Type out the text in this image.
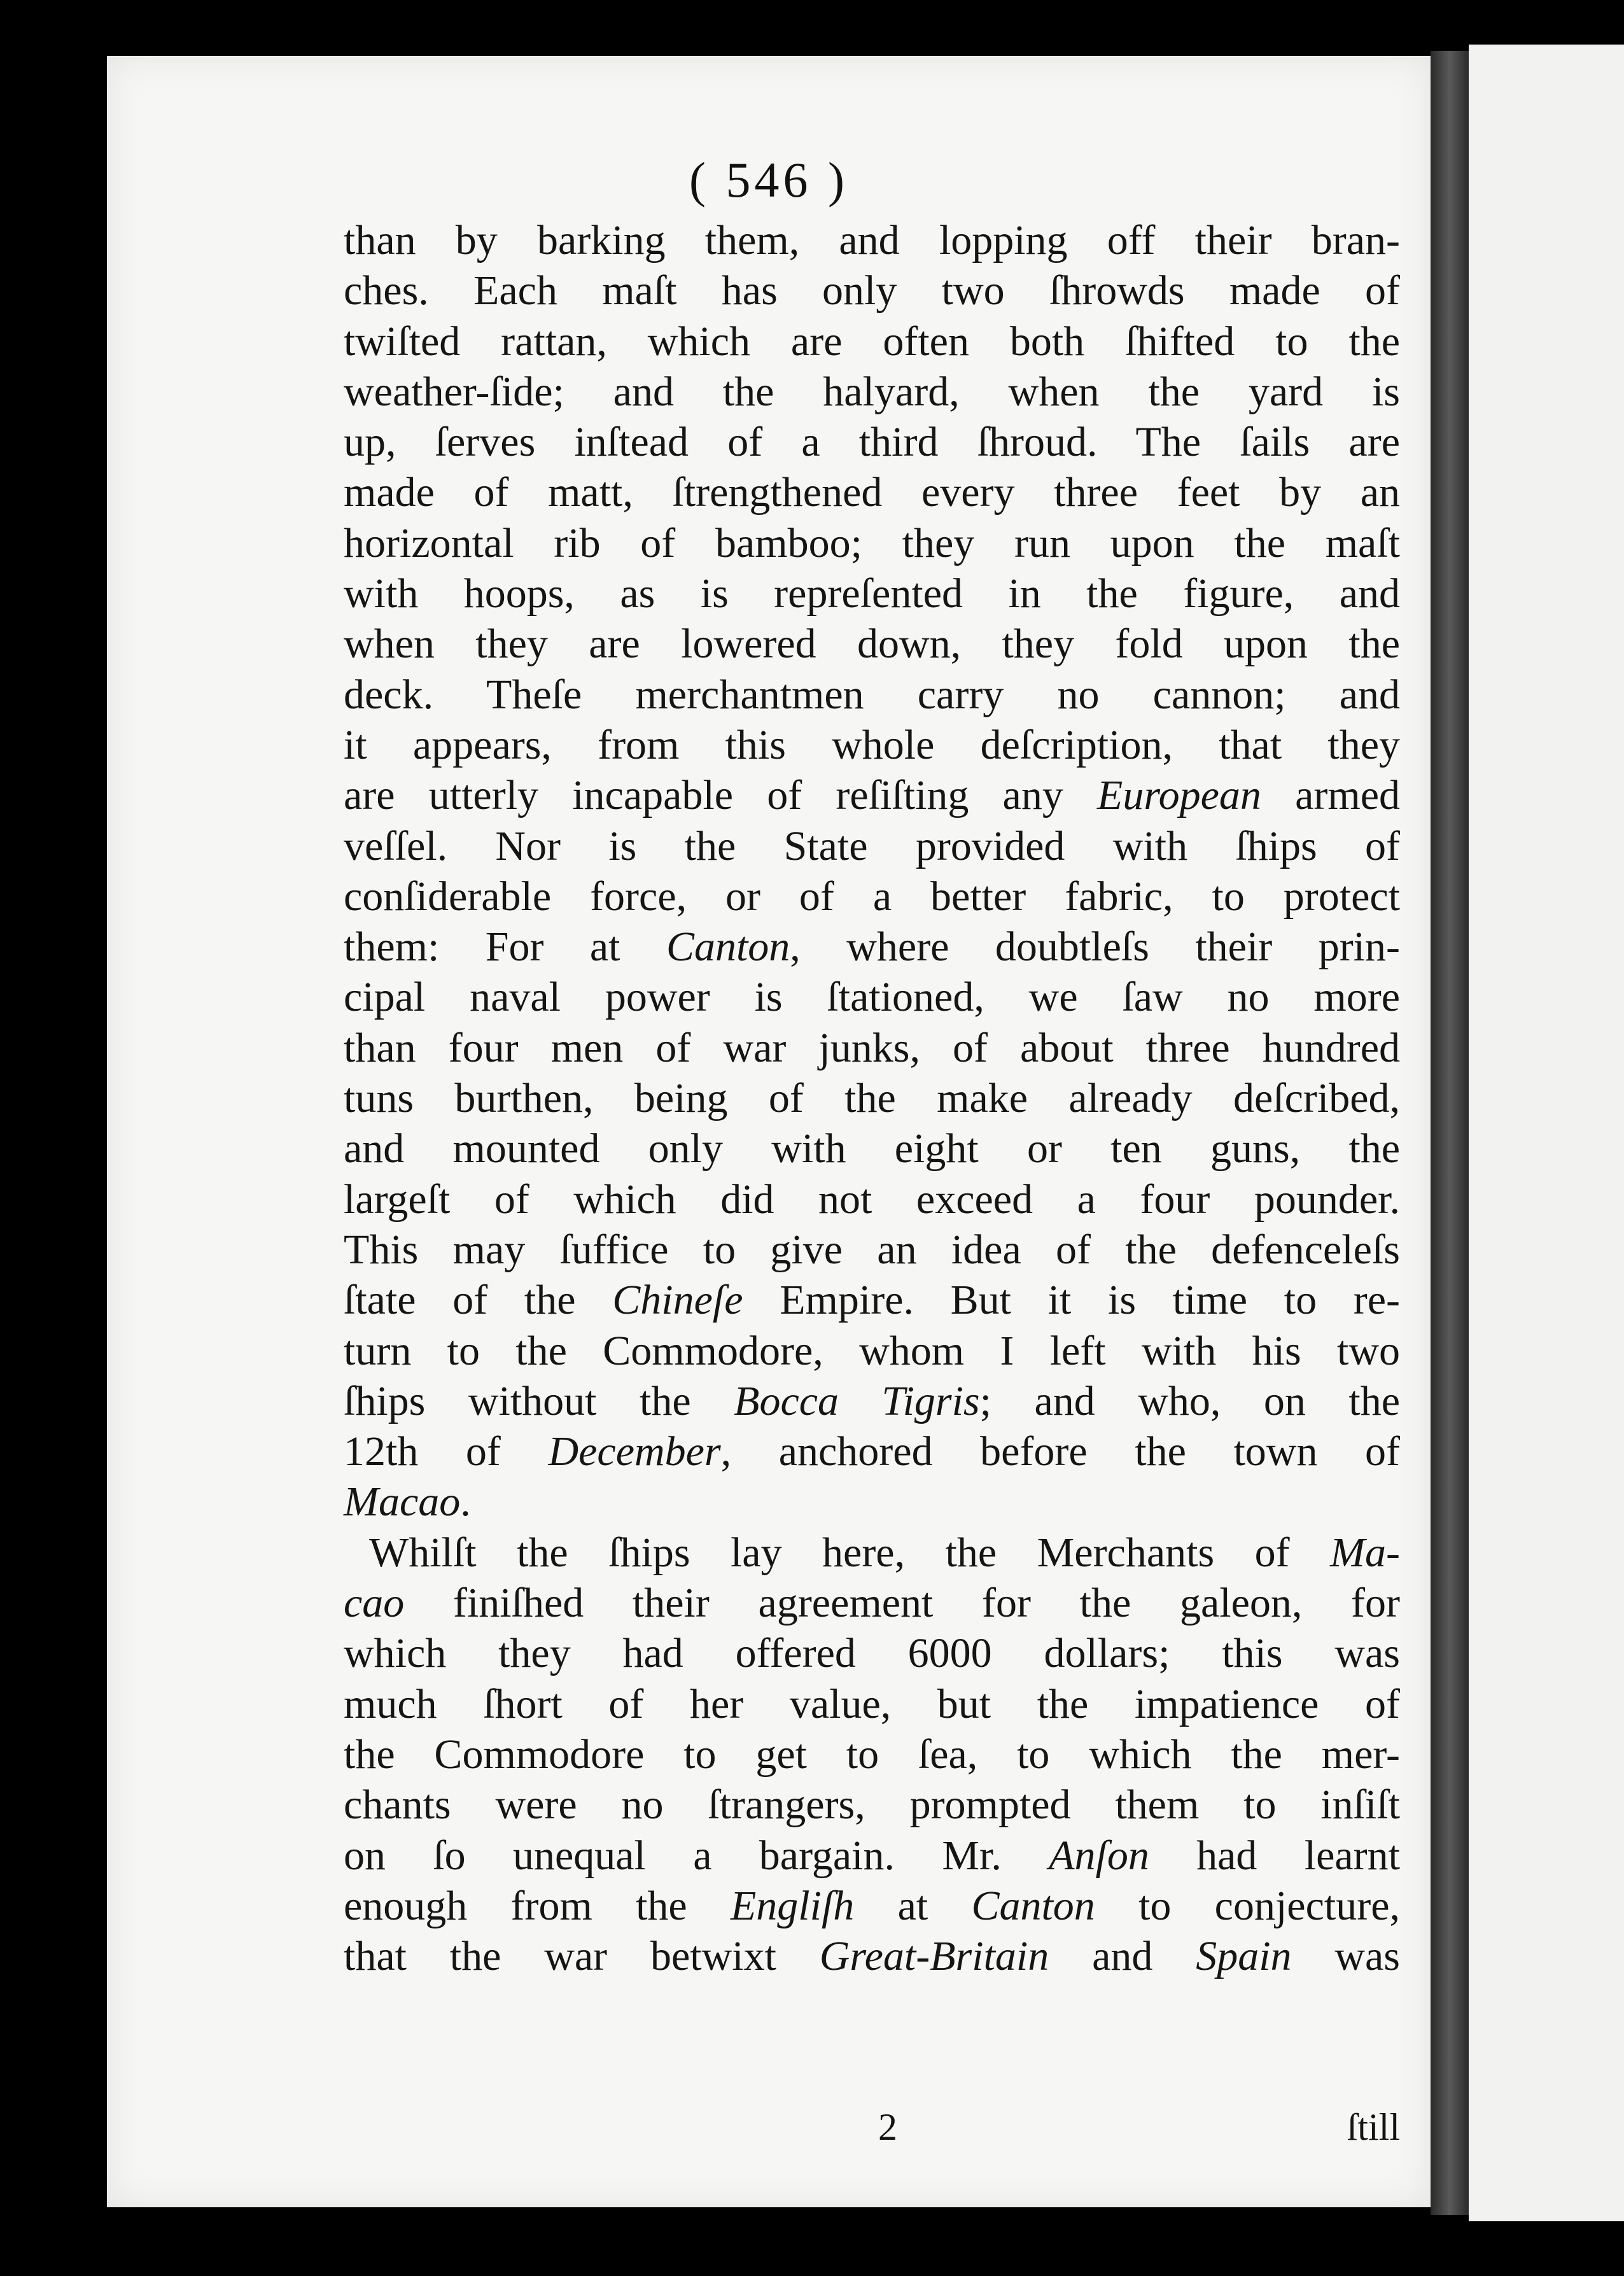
( 546 )
than by barking them, and lopping off their bran-
ches. Each maſt has only two ſhrowds made of
twiſted rattan, which are often both ſhifted to the
weather-ſide; and the halyard, when the yard is
up, ſerves inſtead of a third ſhroud. The ſails are
made of matt, ſtrengthened every three feet by an
horizontal rib of bamboo; they run upon the maſt
with hoops, as is repreſented in the figure, and
when they are lowered down, they fold upon the
deck. Theſe merchantmen carry no cannon; and
it appears, from this whole deſcription, that they
are utterly incapable of reſiſting any European armed
veſſel. Nor is the State provided with ſhips of
conſiderable force, or of a better fabric, to protect
them: For at Canton, where doubtleſs their prin-
cipal naval power is ſtationed, we ſaw no more
than four men of war junks, of about three hundred
tuns burthen, being of the make already deſcribed,
and mounted only with eight or ten guns, the
largeſt of which did not exceed a four pounder.
This may ſuffice to give an idea of the defenceleſs
ſtate of the Chineſe Empire. But it is time to re-
turn to the Commodore, whom I left with his two
ſhips without the Bocca Tigris; and who, on the
12th of December, anchored before the town of
Macao.
Whilſt the ſhips lay here, the Merchants of Ma-
cao finiſhed their agreement for the galeon, for
which they had offered 6000 dollars; this was
much ſhort of her value, but the impatience of
the Commodore to get to ſea, to which the mer-
chants were no ſtrangers, prompted them to inſiſt
on ſo unequal a bargain. Mr. Anſon had learnt
enough from the Engliſh at Canton to conjecture,
that the war betwixt Great-Britain and Spain was
2	ſtill
